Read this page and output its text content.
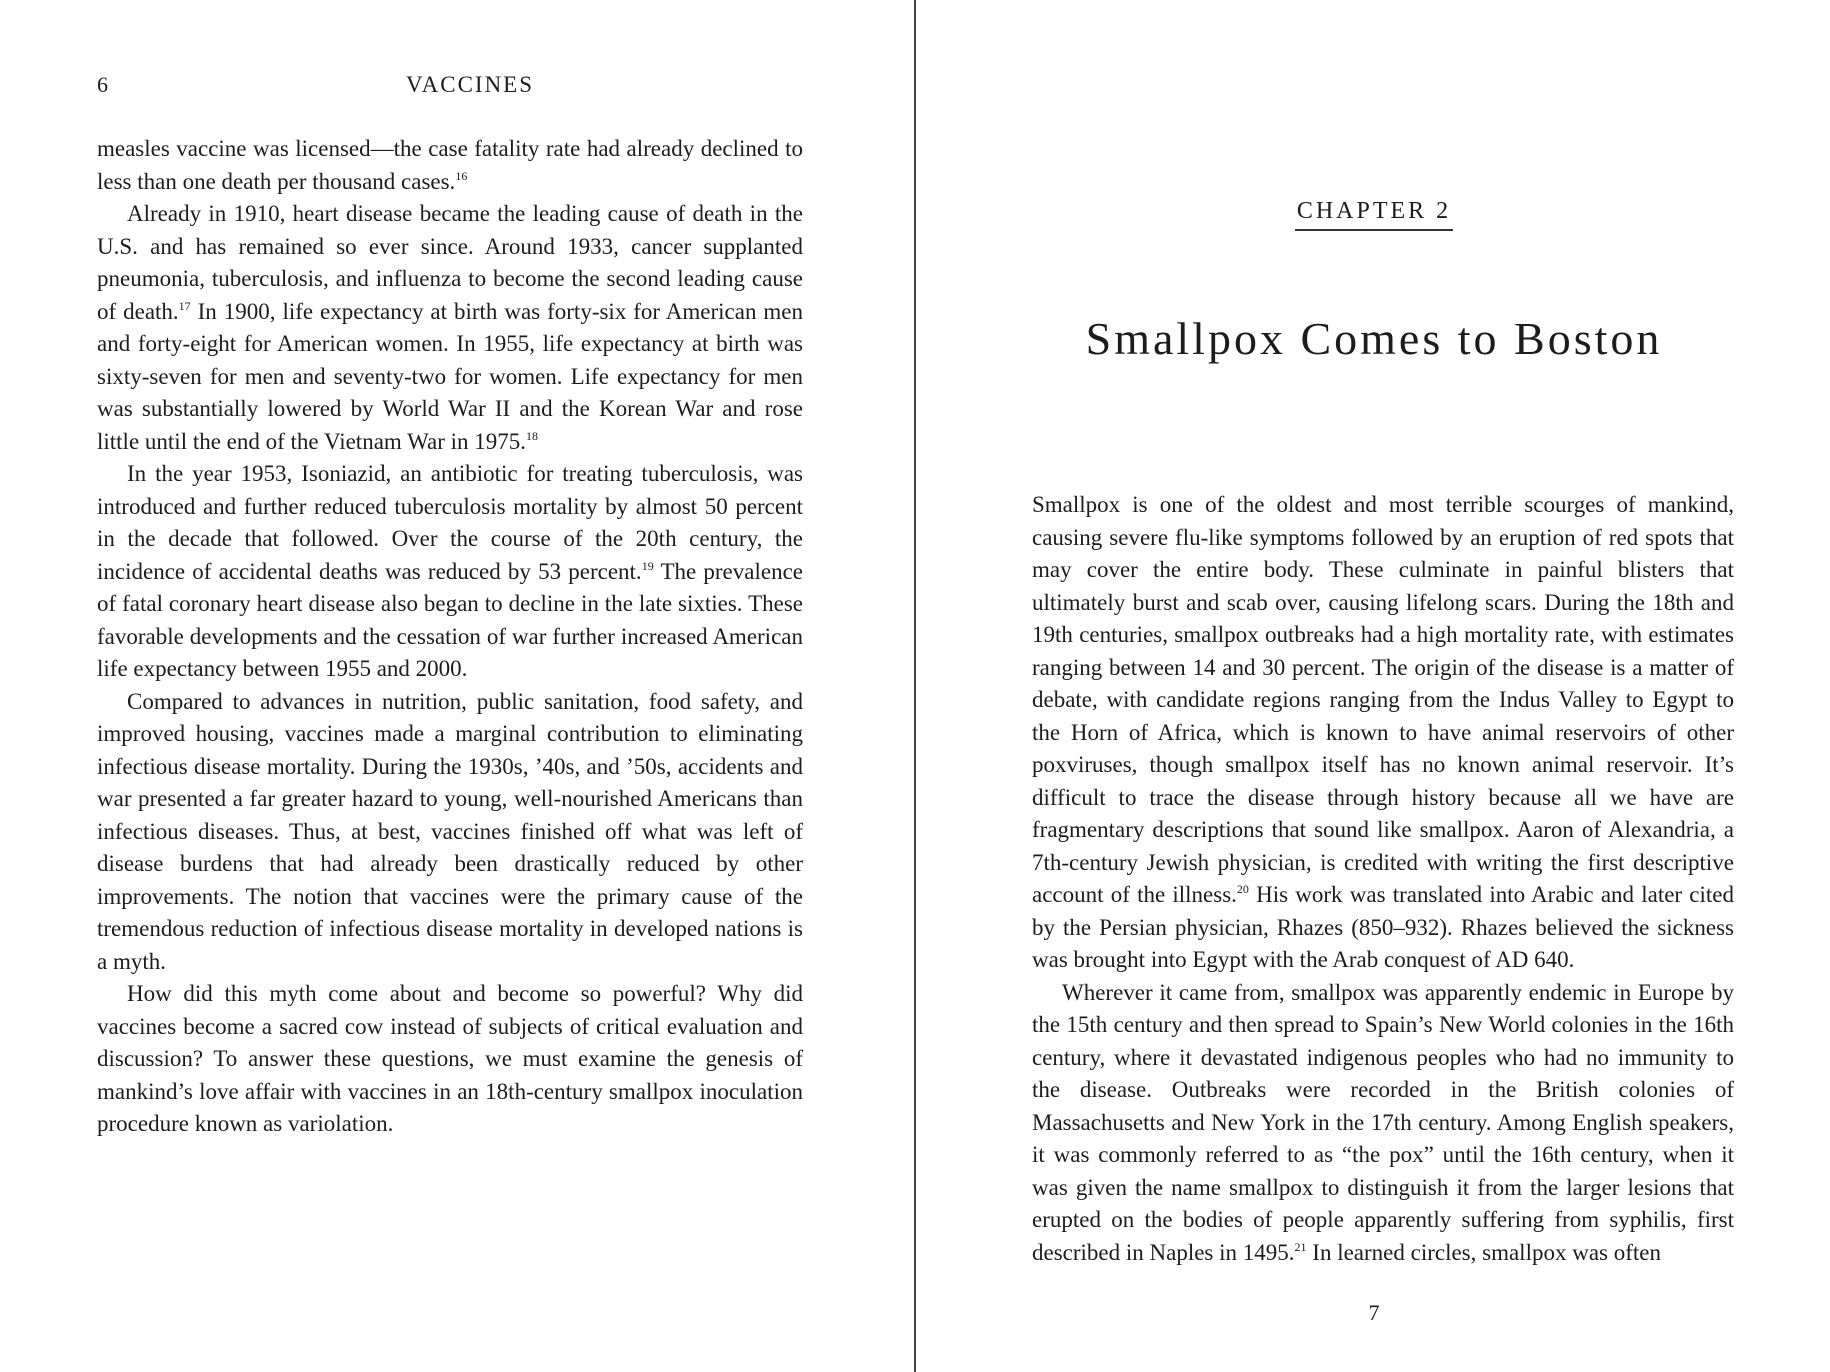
6	VACCINES

measles vaccine was licensed—the case fatality rate had already declined to less than one death per thousand cases.$^{16}$

Already in 1910, heart disease became the leading cause of death in the U.S. and has remained so ever since. Around 1933, cancer supplanted pneumonia, tuberculosis, and influenza to become the second leading cause of death.$^{17}$ In 1900, life expectancy at birth was forty-six for American men and forty-eight for American women. In 1955, life expectancy at birth was sixty-seven for men and seventy-two for women. Life expectancy for men was substantially lowered by World War II and the Korean War and rose little until the end of the Vietnam War in 1975.18

In the year 1953, Isoniazid, an antibiotic for treating tuberculosis, was introduced and further reduced tuberculosis mortality by almost 50 percent in the decade that followed. Over the course of the 20th century, the incidence of accidental deaths was reduced by 53 percent.$^{19}$ The prevalence of fatal coronary heart disease also began to decline in the late sixties. These favorable developments and the cessation of war further increased American life expectancy between 1955 and 2000.

Compared to advances in nutrition, public sanitation, food safety, and improved housing, vaccines made a marginal contribution to eliminating infectious disease mortality. During the 1930s, ’40s, and ’50s, accidents and war presented a far greater hazard to young, well-nourished Americans than infectious diseases. Thus, at best, vaccines finished off what was left of disease burdens that had already been drastically reduced by other improvements. The notion that vaccines were the primary cause of the tremendous reduction of infectious disease mortality in developed nations is a myth.

How did this myth come about and become so powerful? Why did vaccines become a sacred cow instead of subjects of critical evaluation and discussion? To answer these questions, we must examine the genesis of mankind’s love affair with vaccines in an 18th-century smallpox inoculation procedure known as variolation.

CHAPTER 2
Smallpox Comes to Boston

Smallpox is one of the oldest and most terrible scourges of mankind, causing severe flu-like symptoms followed by an eruption of red spots that may cover the entire body. These culminate in painful blisters that ultimately burst and scab over, causing lifelong scars. During the 18th and 19th centuries, smallpox outbreaks had a high mortality rate, with estimates ranging between 14 and 30 percent. The origin of the disease is a matter of debate, with candidate regions ranging from the Indus Valley to Egypt to the Horn of Africa, which is known to have animal reservoirs of other poxviruses, though smallpox itself has no known animal reservoir. It’s difficult to trace the disease through history because all we have are fragmentary descriptions that sound like smallpox. Aaron of Alexandria, a 7th-century Jewish physician, is credited with writing the first descriptive account of the illness.$^{20}$ His work was translated into Arabic and later cited by the Persian physician, Rhazes (850–932). Rhazes believed the sickness was brought into Egypt with the Arab conquest of AD 640.

Wherever it came from, smallpox was apparently endemic in Europe by the 15th century and then spread to Spain’s New World colonies in the 16th century, where it devastated indigenous peoples who had no immunity to the disease. Outbreaks were recorded in the British colonies of Massachusetts and New York in the 17th century. Among English speakers, it was commonly referred to as “the pox” until the 16th century, when it was given the name smallpox to distinguish it from the larger lesions that erupted on the bodies of people apparently suffering from syphilis, first described in Naples in 1495.21 In learned circles, smallpox was often

7
